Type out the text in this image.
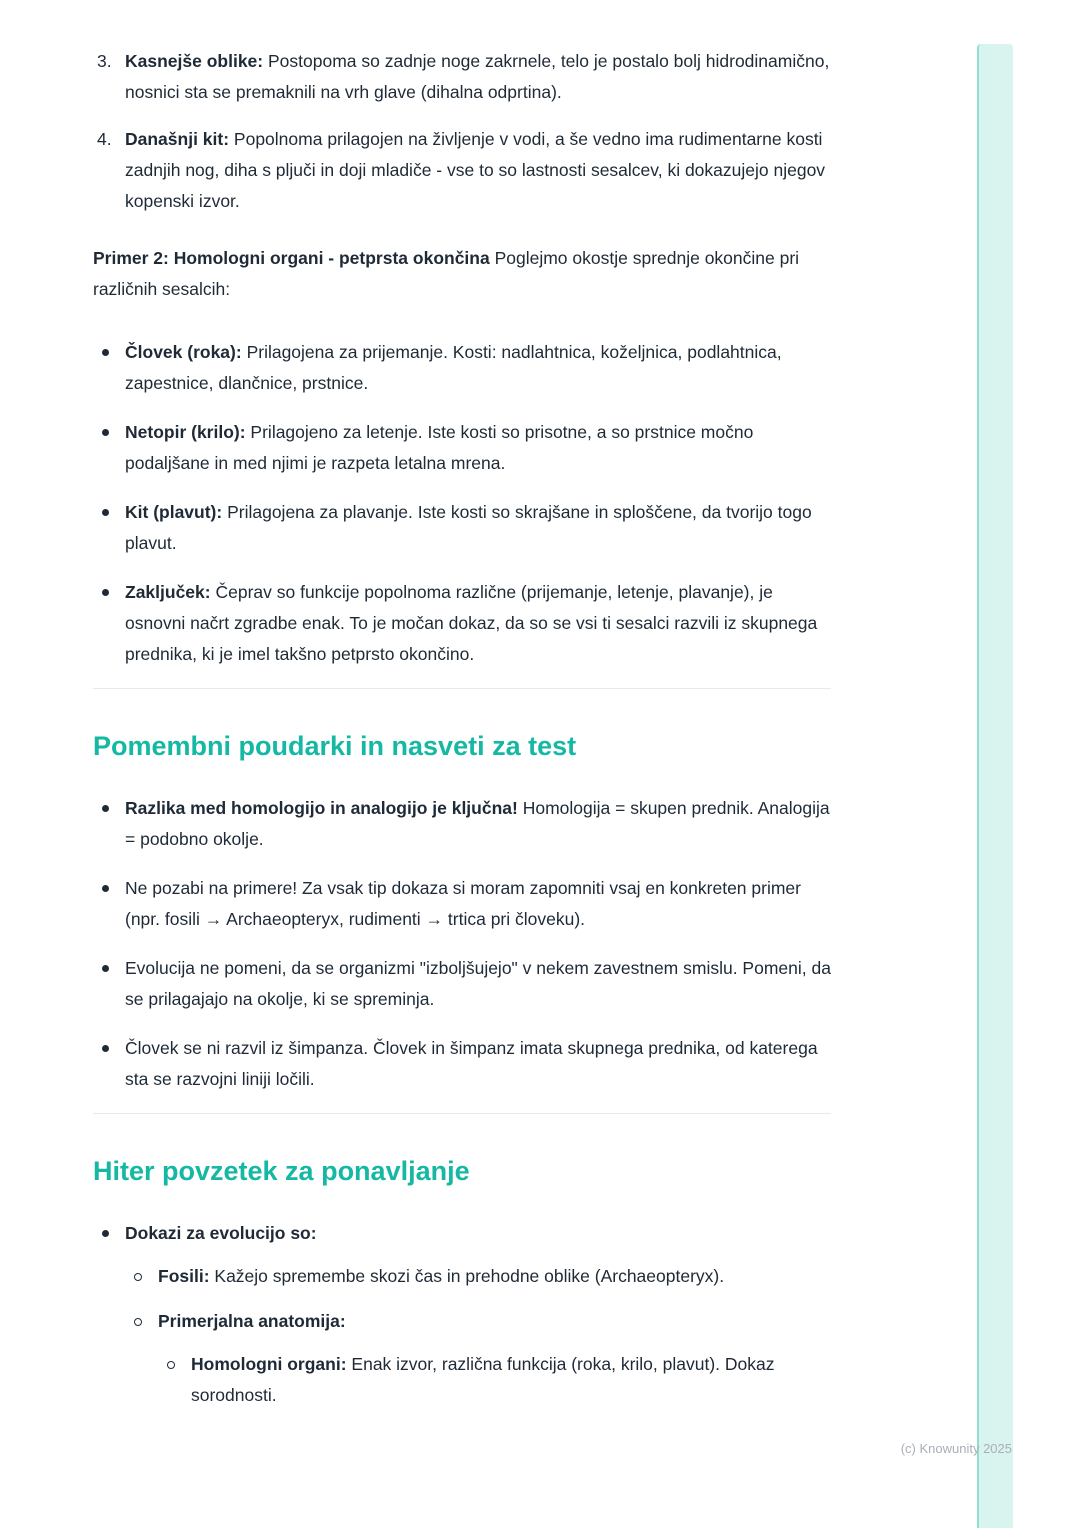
(c) Knowunity 2025
3. Kasnejše oblike: Postopoma so zadnje noge zakrnele, telo je postalo bolj hidrodinamično, nosnici sta se premaknili na vrh glave (dihalna odprtina).
4. Današnji kit: Popolnoma prilagojen na življenje v vodi, a še vedno ima rudimentarne kosti zadnjih nog, diha s pljuči in doji mladiče - vse to so lastnosti sesalcev, ki dokazujejo njegov kopenski izvor.

Primer 2: Homologni organi - petprsta okončina Poglejmo okostje sprednje okončine pri različnih sesalcih:

Človek (roka): Prilagojena za prijemanje. Kosti: nadlahtnica, koželjnica, podlahtnica, zapestnice, dlančnice, prstnice.
Netopir (krilo): Prilagojeno za letenje. Iste kosti so prisotne, a so prstnice močno podaljšane in med njimi je razpeta letalna mrena.
Kit (plavut): Prilagojena za plavanje. Iste kosti so skrajšane in sploščene, da tvorijo togo plavut.
Zaključek: Čeprav so funkcije popolnoma različne (prijemanje, letenje, plavanje), je osnovni načrt zgradbe enak. To je močan dokaz, da so se vsi ti sesalci razvili iz skupnega prednika, ki je imel takšno petprsto okončino.
Pomembni poudarki in nasveti za test
Razlika med homologijo in analogijo je ključna! Homologija = skupen prednik. Analogija = podobno okolje.
Ne pozabi na primere! Za vsak tip dokaza si moram zapomniti vsaj en konkreten primer (npr. fosili → Archaeopteryx, rudimenti → trtica pri človeku).
Evolucija ne pomeni, da se organizmi "izboljšujejo" v nekem zavestnem smislu. Pomeni, da se prilagajajo na okolje, ki se spreminja.
Človek se ni razvil iz šimpanza. Človek in šimpanz imata skupnega prednika, od katerega sta se razvojni liniji ločili.
Hiter povzetek za ponavljanje
Dokazi za evolucijo so:
Fosili: Kažejo spremembe skozi čas in prehodne oblike (Archaeopteryx).
Primerjalna anatomija:
Homologni organi: Enak izvor, različna funkcija (roka, krilo, plavut). Dokaz sorodnosti.
